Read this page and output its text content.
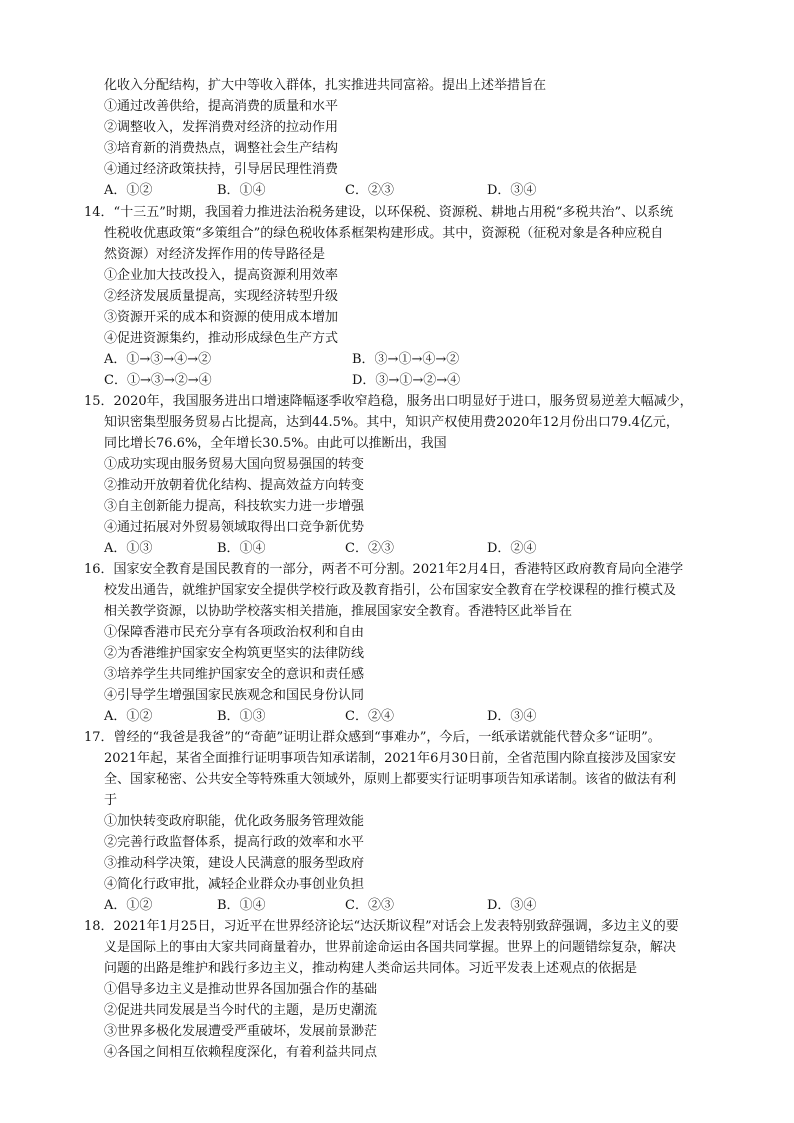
化收入分配结构，扩大中等收入群体，扎实推进共同富裕。提出上述举措旨在
①通过改善供给，提高消费的质量和水平
②调整收入，发挥消费对经济的拉动作用
③培育新的消费热点，调整社会生产结构
④通过经济政策扶持，引导居民理性消费
A．①②	B．①④	C．②③	D．③④
14．“十三五”时期，我国着力推进法治税务建设，以环保税、资源税、耕地占用税“多税共治”、以系统
性税收优惠政策“多策组合”的绿色税收体系框架构建形成。其中，资源税（征税对象是各种应税自
然资源）对经济发挥作用的传导路径是
①企业加大技改投入，提高资源利用效率
②经济发展质量提高，实现经济转型升级
③资源开采的成本和资源的使用成本增加
④促进资源集约，推动形成绿色生产方式
A．①→③→④→②	B．③→①→④→②
C．①→③→②→④	D．③→①→②→④
15．2020年，我国服务进出口增速降幅逐季收窄趋稳，服务出口明显好于进口，服务贸易逆差大幅减少，
知识密集型服务贸易占比提高，达到44.5%。其中，知识产权使用费2020年12月份出口79.4亿元，
同比增长76.6%，全年增长30.5%。由此可以推断出，我国
①成功实现由服务贸易大国向贸易强国的转变
②推动开放朝着优化结构、提高效益方向转变
③自主创新能力提高，科技软实力进一步增强
④通过拓展对外贸易领域取得出口竞争新优势
A．①③	B．①④	C．②③	D．②④
16．国家安全教育是国民教育的一部分，两者不可分割。2021年2月4日，香港特区政府教育局向全港学
校发出通告，就维护国家安全提供学校行政及教育指引，公布国家安全教育在学校课程的推行模式及
相关教学资源，以协助学校落实相关措施，推展国家安全教育。香港特区此举旨在
①保障香港市民充分享有各项政治权利和自由
②为香港维护国家安全构筑更坚实的法律防线
③培养学生共同维护国家安全的意识和责任感
④引导学生增强国家民族观念和国民身份认同
A．①②	B．①③	C．②④	D．③④
17．曾经的“我爸是我爸”的“奇葩”证明让群众感到“事难办”，今后，一纸承诺就能代替众多“证明”。
2021年起，某省全面推行证明事项告知承诺制，2021年6月30日前，全省范围内除直接涉及国家安
全、国家秘密、公共安全等特殊重大领域外，原则上都要实行证明事项告知承诺制。该省的做法有利
于
①加快转变政府职能，优化政务服务管理效能
②完善行政监督体系，提高行政的效率和水平
③推动科学决策，建设人民满意的服务型政府
④简化行政审批，减轻企业群众办事创业负担
A．①②	B．①④	C．②③	D．③④
18．2021年1月25日，习近平在世界经济论坛“达沃斯议程”对话会上发表特别致辞强调，多边主义的要
义是国际上的事由大家共同商量着办，世界前途命运由各国共同掌握。世界上的问题错综复杂，解决
问题的出路是维护和践行多边主义，推动构建人类命运共同体。习近平发表上述观点的依据是
①倡导多边主义是推动世界各国加强合作的基础
②促进共同发展是当今时代的主题，是历史潮流
③世界多极化发展遭受严重破坏，发展前景渺茫
④各国之间相互依赖程度深化，有着利益共同点
